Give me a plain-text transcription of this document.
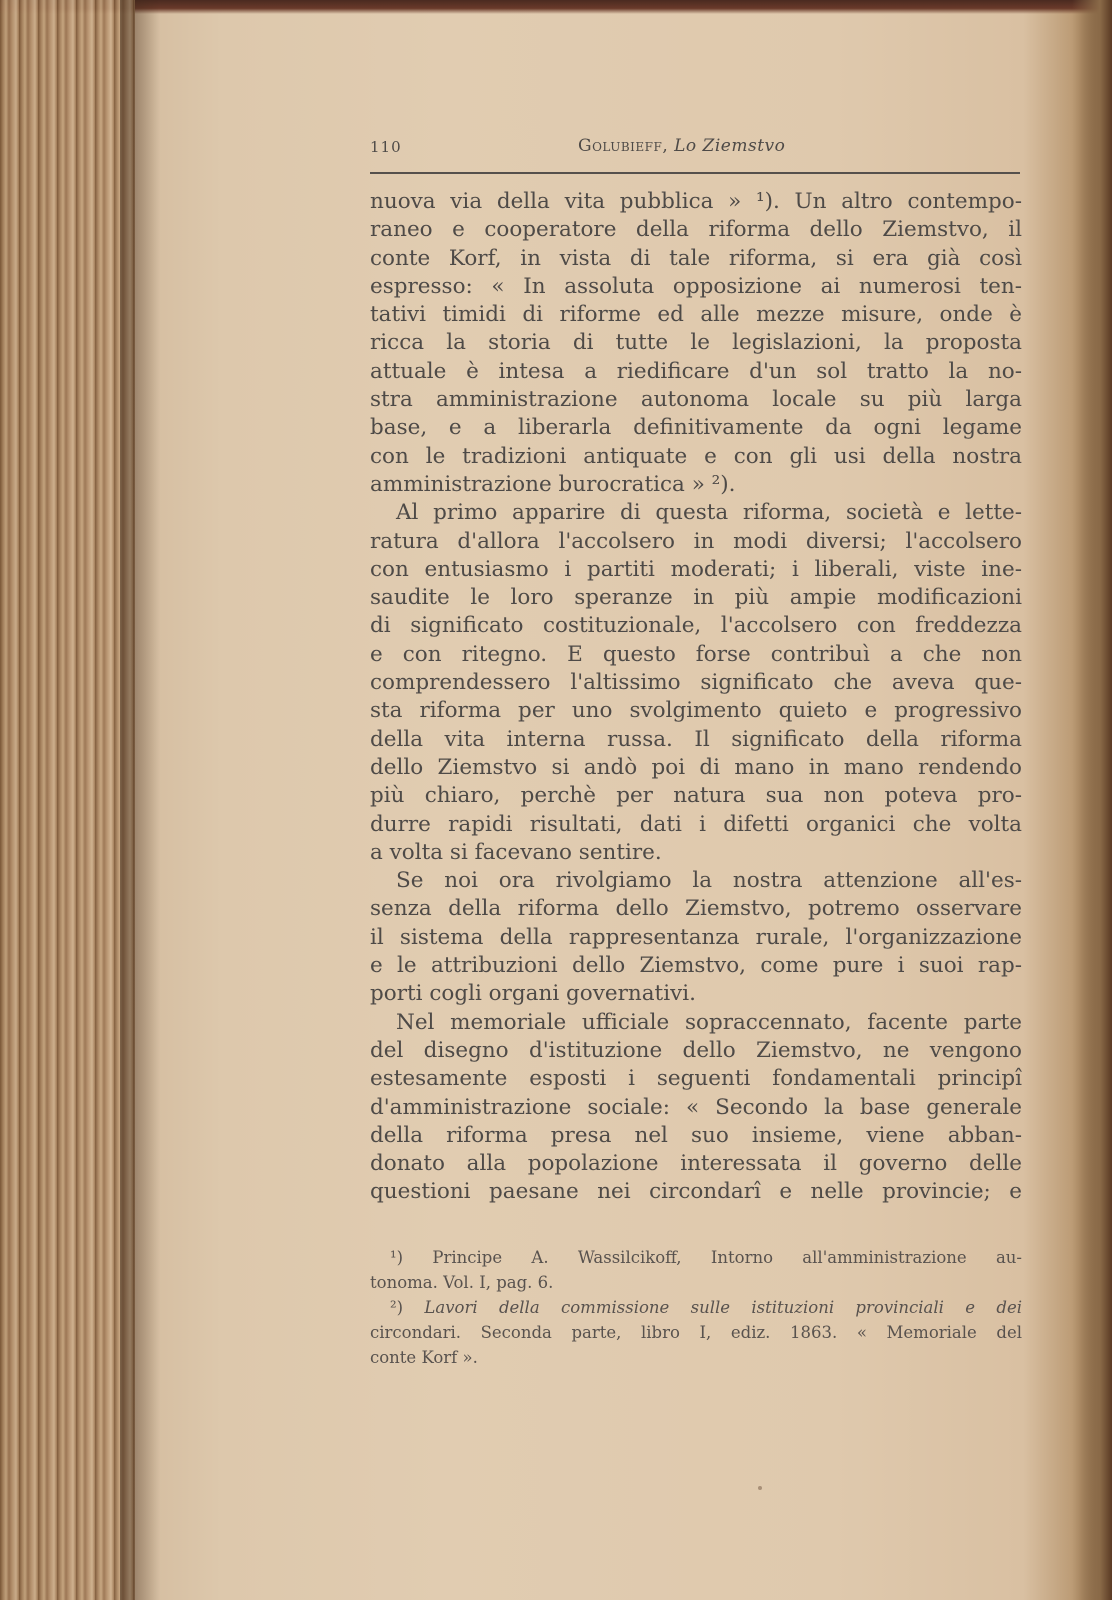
110	Golubieff, Lo Ziemstvo
nuova via della vita pubblica » ¹). Un altro contempo-
raneo e cooperatore della riforma dello Ziemstvo, il
conte Korf, in vista di tale riforma, si era già così
espresso: « In assoluta opposizione ai numerosi ten-
tativi timidi di riforme ed alle mezze misure, onde è
ricca la storia di tutte le legislazioni, la proposta
attuale è intesa a riedificare d'un sol tratto la no-
stra amministrazione autonoma locale su più larga
base, e a liberarla definitivamente da ogni legame
con le tradizioni antiquate e con gli usi della nostra
amministrazione burocratica » ²).
Al primo apparire di questa riforma, società e lette-
ratura d'allora l'accolsero in modi diversi; l'accolsero
con entusiasmo i partiti moderati; i liberali, viste ine-
saudite le loro speranze in più ampie modificazioni
di significato costituzionale, l'accolsero con freddezza
e con ritegno. E questo forse contribuì a che non
comprendessero l'altissimo significato che aveva que-
sta riforma per uno svolgimento quieto e progressivo
della vita interna russa. Il significato della riforma
dello Ziemstvo si andò poi di mano in mano rendendo
più chiaro, perchè per natura sua non poteva pro-
durre rapidi risultati, dati i difetti organici che volta
a volta si facevano sentire.
Se noi ora rivolgiamo la nostra attenzione all'es-
senza della riforma dello Ziemstvo, potremo osservare
il sistema della rappresentanza rurale, l'organizzazione
e le attribuzioni dello Ziemstvo, come pure i suoi rap-
porti cogli organi governativi.
Nel memoriale ufficiale sopraccennato, facente parte
del disegno d'istituzione dello Ziemstvo, ne vengono
estesamente esposti i seguenti fondamentali principî
d'amministrazione sociale: « Secondo la base generale
della riforma presa nel suo insieme, viene abban-
donato alla popolazione interessata il governo delle
questioni paesane nei circondarî e nelle provincie; e
¹) Principe A. Wassilcikoff, Intorno all'amministrazione au-
tonoma. Vol. I, pag. 6.
²) Lavori della commissione sulle istituzioni provinciali e dei
circondari. Seconda parte, libro I, ediz. 1863. « Memoriale del
conte Korf ».
